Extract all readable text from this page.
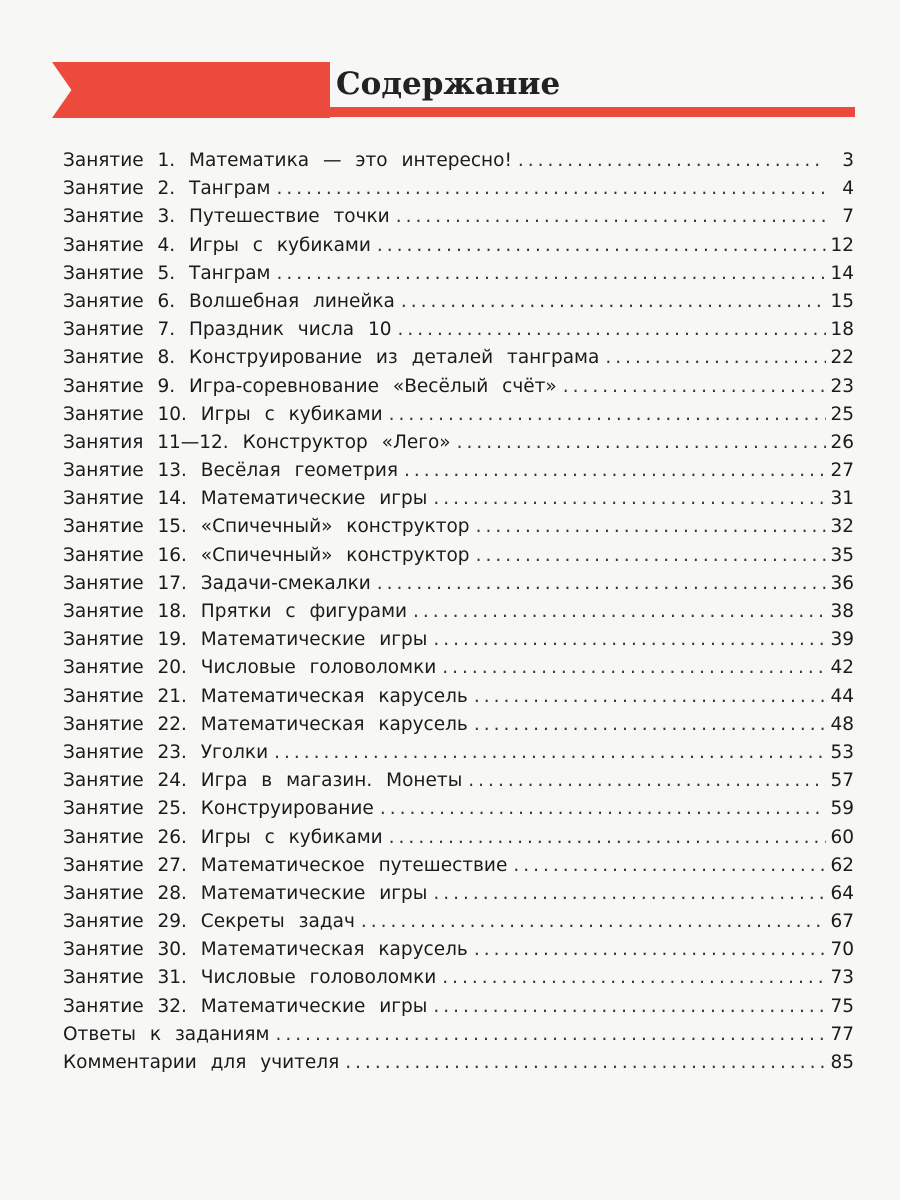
Содержание
Занятие 1. Математика — это интересно! .....	3
Занятие 2. Танграм .....	4
Занятие 3. Путешествие точки .....	7
Занятие 4. Игры с кубиками .....	12
Занятие 5. Танграм .....	14
Занятие 6. Волшебная линейка .....	15
Занятие 7. Праздник числа 10 .....	18
Занятие 8. Конструирование из деталей танграма .....	22
Занятие 9. Игра-соревнование «Весёлый счёт» .....	23
Занятие 10. Игры с кубиками .....	25
Занятия 11—12. Конструктор «Лего» .....	26
Занятие 13. Весёлая геометрия .....	27
Занятие 14. Математические игры .....	31
Занятие 15. «Спичечный» конструктор .....	32
Занятие 16. «Спичечный» конструктор .....	35
Занятие 17. Задачи-смекалки .....	36
Занятие 18. Прятки с фигурами .....	38
Занятие 19. Математические игры .....	39
Занятие 20. Числовые головоломки .....	42
Занятие 21. Математическая карусель .....	44
Занятие 22. Математическая карусель .....	48
Занятие 23. Уголки .....	53
Занятие 24. Игра в магазин. Монеты .....	57
Занятие 25. Конструирование .....	59
Занятие 26. Игры с кубиками .....	60
Занятие 27. Математическое путешествие .....	62
Занятие 28. Математические игры .....	64
Занятие 29. Секреты задач .....	67
Занятие 30. Математическая карусель .....	70
Занятие 31. Числовые головоломки .....	73
Занятие 32. Математические игры .....	75
Ответы к заданиям .....	77
Комментарии для учителя .....	85
